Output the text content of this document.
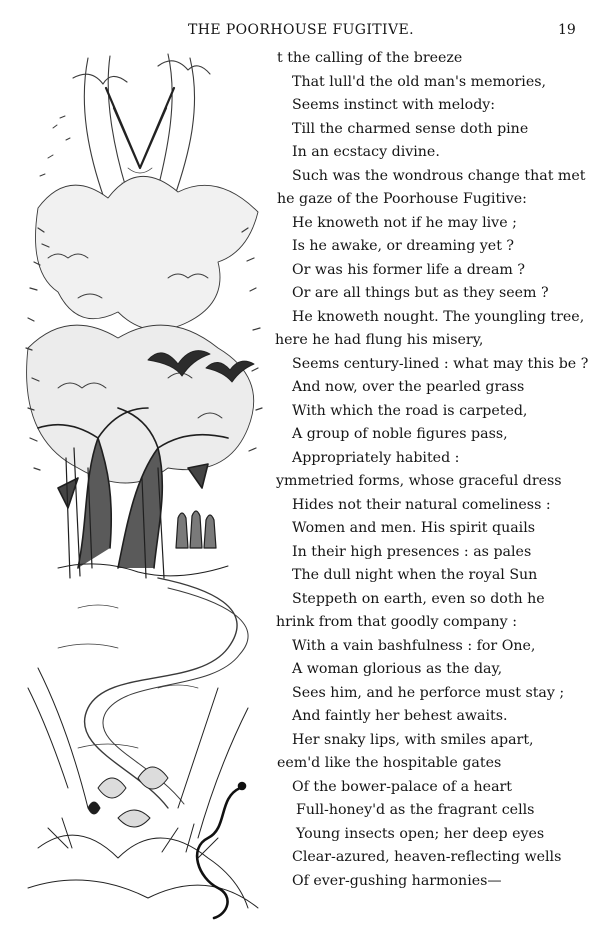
THE POORHOUSE FUGITIVE.	19
t the calling of the breeze
That lull'd the old man's memories,
Seems instinct with melody:
Till the charmed sense doth pine
In an ecstacy divine.
Such was the wondrous change that met
he gaze of the Poorhouse Fugitive:
He knoweth not if he may live ;
Is he awake, or dreaming yet ?
Or was his former life a dream ?
Or are all things but as they seem ?
He knoweth nought. The youngling tree,
here he had flung his misery,
Seems century-lined : what may this be ?
And now, over the pearled grass
With which the road is carpeted,
A group of noble figures pass,
Appropriately habited :
ymmetried forms, whose graceful dress
Hides not their natural comeliness :
Women and men. His spirit quails
In their high presences : as pales
The dull night when the royal Sun
Steppeth on earth, even so doth he
hrink from that goodly company :
With a vain bashfulness : for One,
A woman glorious as the day,
Sees him, and he perforce must stay ;
And faintly her behest awaits.
Her snaky lips, with smiles apart,
eem'd like the hospitable gates
Of the bower-palace of a heart
Full-honey'd as the fragrant cells
Young insects open; her deep eyes
Clear-azured, heaven-reflecting wells
Of ever-gushing harmonies—
